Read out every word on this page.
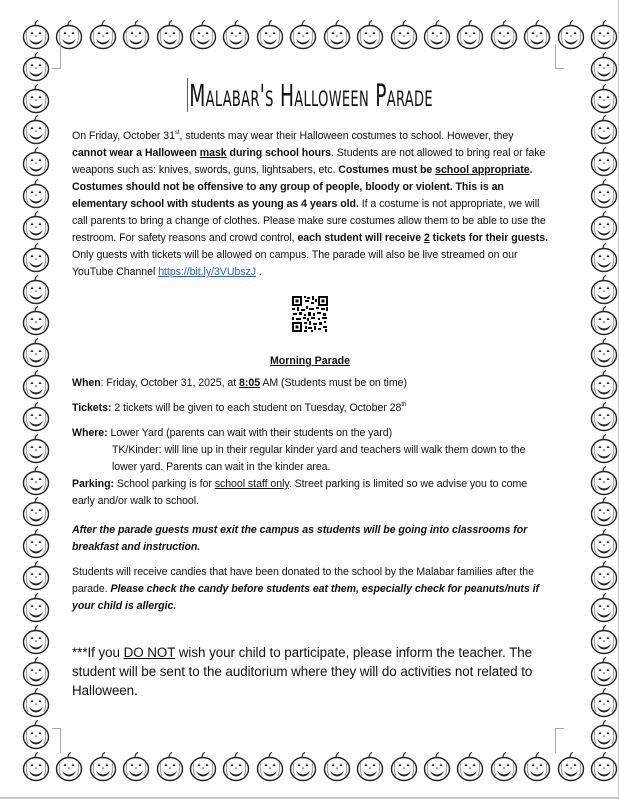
Malabar's Halloween Parade

On Friday, October 31st, students may wear their Halloween costumes to school. However, they cannot wear a Halloween mask during school hours. Students are not allowed to bring real or fake weapons such as: knives, swords, guns, lightsabers, etc. Costumes must be school appropriate. Costumes should not be offensive to any group of people, bloody or violent. This is an elementary school with students as young as 4 years old. If a costume is not appropriate, we will call parents to bring a change of clothes. Please make sure costumes allow them to be able to use the restroom. For safety reasons and crowd control, each student will receive 2 tickets for their guests. Only guests with tickets will be allowed on campus. The parade will also be live streamed on our YouTube Channel https://bit.ly/3VUbszJ .

Morning Parade

When: Friday, October 31, 2025, at 8:05 AM (Students must be on time)

Tickets: 2 tickets will be given to each student on Tuesday, October 28th

Where: Lower Yard (parents can wait with their students on the yard)

TK/Kinder: will line up in their regular kinder yard and teachers will walk them down to the lower yard. Parents can wait in the kinder area.

Parking: School parking is for school staff only. Street parking is limited so we advise you to come early and/or walk to school.

After the parade guests must exit the campus as students will be going into classrooms for breakfast and instruction.

Students will receive candies that have been donated to the school by the Malabar families after the parade. Please check the candy before students eat them, especially check for peanuts/nuts if your child is allergic.

***If you DO NOT wish your child to participate, please inform the teacher. The student will be sent to the auditorium where they will do activities not related to Halloween.
